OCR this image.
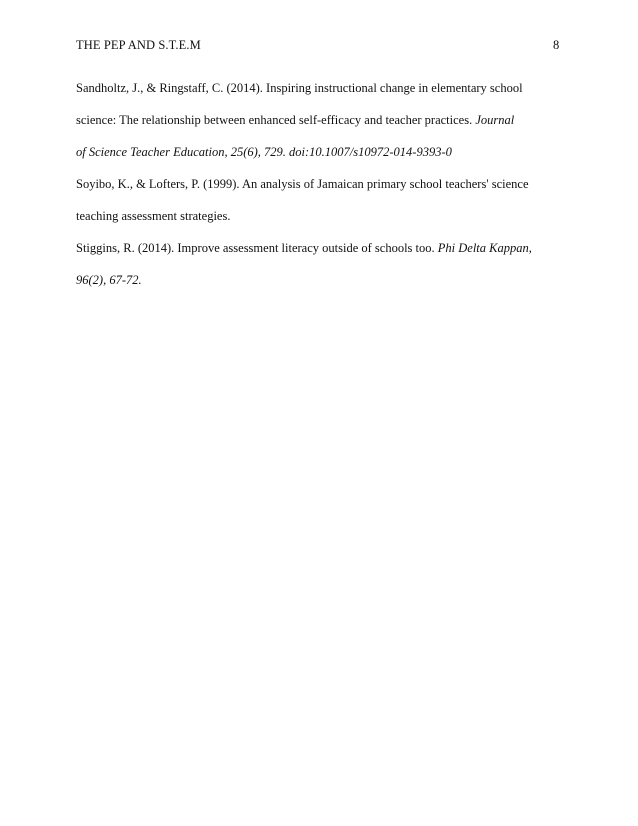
THE PEP AND S.T.E.M	8
Sandholtz, J., & Ringstaff, C. (2014). Inspiring instructional change in elementary school
science: The relationship between enhanced self-efficacy and teacher practices. Journal
of Science Teacher Education, 25(6), 729. doi:10.1007/s10972-014-9393-0
Soyibo, K., & Lofters, P. (1999). An analysis of Jamaican primary school teachers' science
teaching assessment strategies.
Stiggins, R. (2014). Improve assessment literacy outside of schools too. Phi Delta Kappan,
96(2), 67-72.
